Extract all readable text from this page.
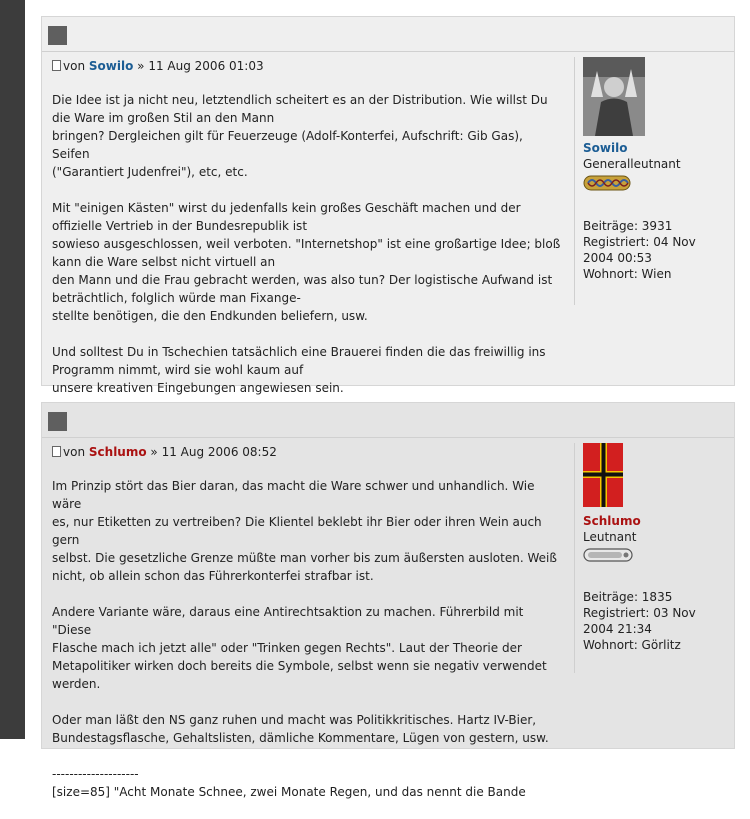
von Sowilo » 11 Aug 2006 01:03

Die Idee ist ja nicht neu, letztendlich scheitert es an der Distribution. Wie willst Du
die Ware im großen Stil an den Mann
bringen? Dergleichen gilt für Feuerzeuge (Adolf-Konterfei, Aufschrift: Gib Gas), Seifen
("Garantiert Judenfrei"), etc, etc.

Mit "einigen Kästen" wirst du jedenfalls kein großes Geschäft machen und der
offizielle Vertrieb in der Bundesrepublik ist
sowieso ausgeschlossen, weil verboten. "Internetshop" ist eine großartige Idee; bloß
kann die Ware selbst nicht virtuell an
den Mann und die Frau gebracht werden, was also tun? Der logistische Aufwand ist
beträchtlich, folglich würde man Fixange-
stellte benötigen, die den Endkunden beliefern, usw.

Und solltest Du in Tschechien tatsächlich eine Brauerei finden die das freiwillig ins
Programm nimmt, wird sie wohl kaum auf
unsere kreativen Eingebungen angewiesen sein.

Sowilo
Generalleutnant
Beiträge: 3931
Registriert: 04 Nov
2004 00:53
Wohnort: Wien
von Schlumo » 11 Aug 2006 08:52

Im Prinzip stört das Bier daran, das macht die Ware schwer und unhandlich. Wie wäre
es, nur Etiketten zu vertreiben? Die Klientel beklebt ihr Bier oder ihren Wein auch gern
selbst. Die gesetzliche Grenze müßte man vorher bis zum äußersten ausloten. Weiß
nicht, ob allein schon das Führerkonterfei strafbar ist.

Andere Variante wäre, daraus eine Antirechtsaktion zu machen. Führerbild mit "Diese
Flasche mach ich jetzt alle" oder "Trinken gegen Rechts". Laut der Theorie der
Metapolitiker wirken doch bereits die Symbole, selbst wenn sie negativ verwendet
werden.

Oder man läßt den NS ganz ruhen und macht was Politikkritisches. Hartz IV-Bier,
Bundestagsflasche, Gehaltslisten, dämliche Kommentare, Lügen von gestern, usw.

--------------------
[size=85] "Acht Monate Schnee, zwei Monate Regen, und das nennt die Bande

Schlumo
Leutnant
Beiträge: 1835
Registriert: 03 Nov
2004 21:34
Wohnort: Görlitz
